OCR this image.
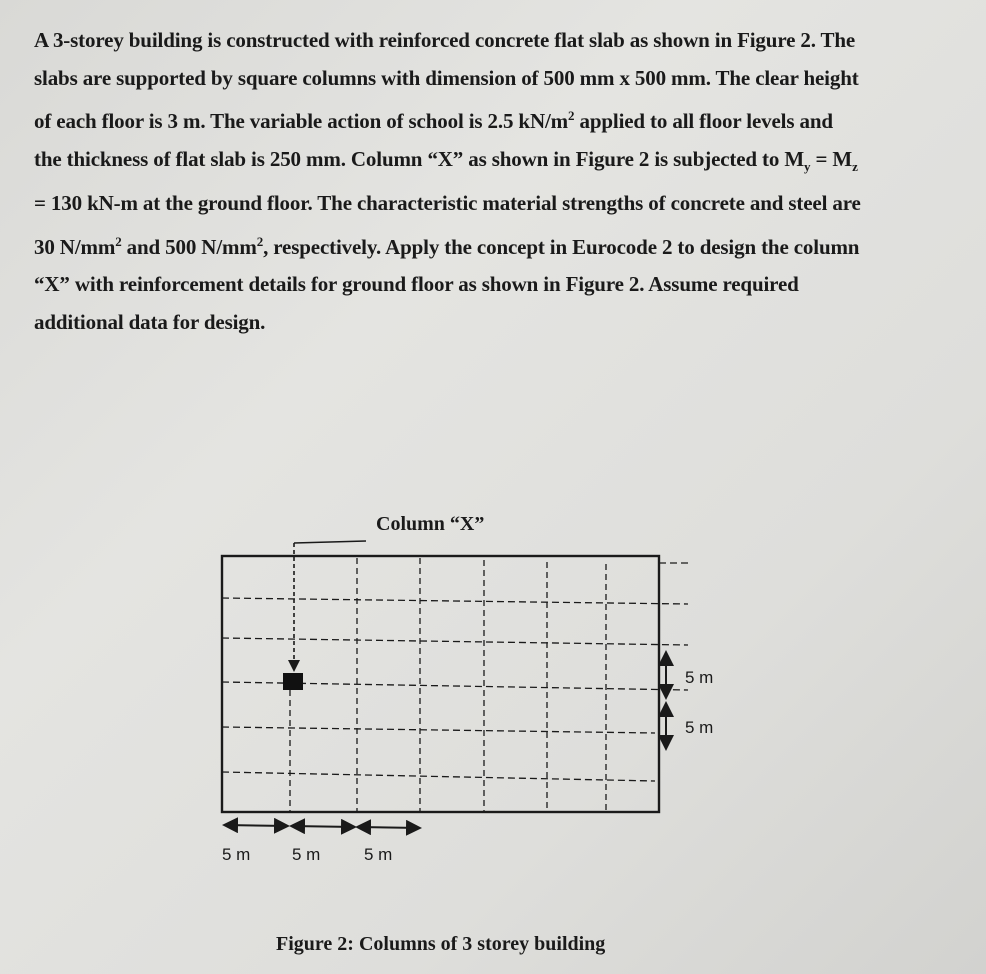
A 3-storey building is constructed with reinforced concrete flat slab as shown in Figure 2. The

slabs are supported by square columns with dimension of 500 mm x 500 mm. The clear height

of each floor is 3 m. The variable action of school is 2.5 $kN/m^2$ applied to all floor levels and

the thickness of flat slab is 250 mm. Column “X” as shown in Figure 2 is subjected to $M_y = M_z$

= 130 kN-m at the ground floor. The characteristic material strengths of concrete and steel are

30 $N/mm^2$ and 500 $N/mm^2$, respectively. Apply the concept in Eurocode 2 to design the column

“X” with reinforcement details for ground floor as shown in Figure 2. Assume required

additional data for design.

Column “X”
5 m
5 m
5 m 5 m	5 m
Figure 2: Columns of 3 storey building
